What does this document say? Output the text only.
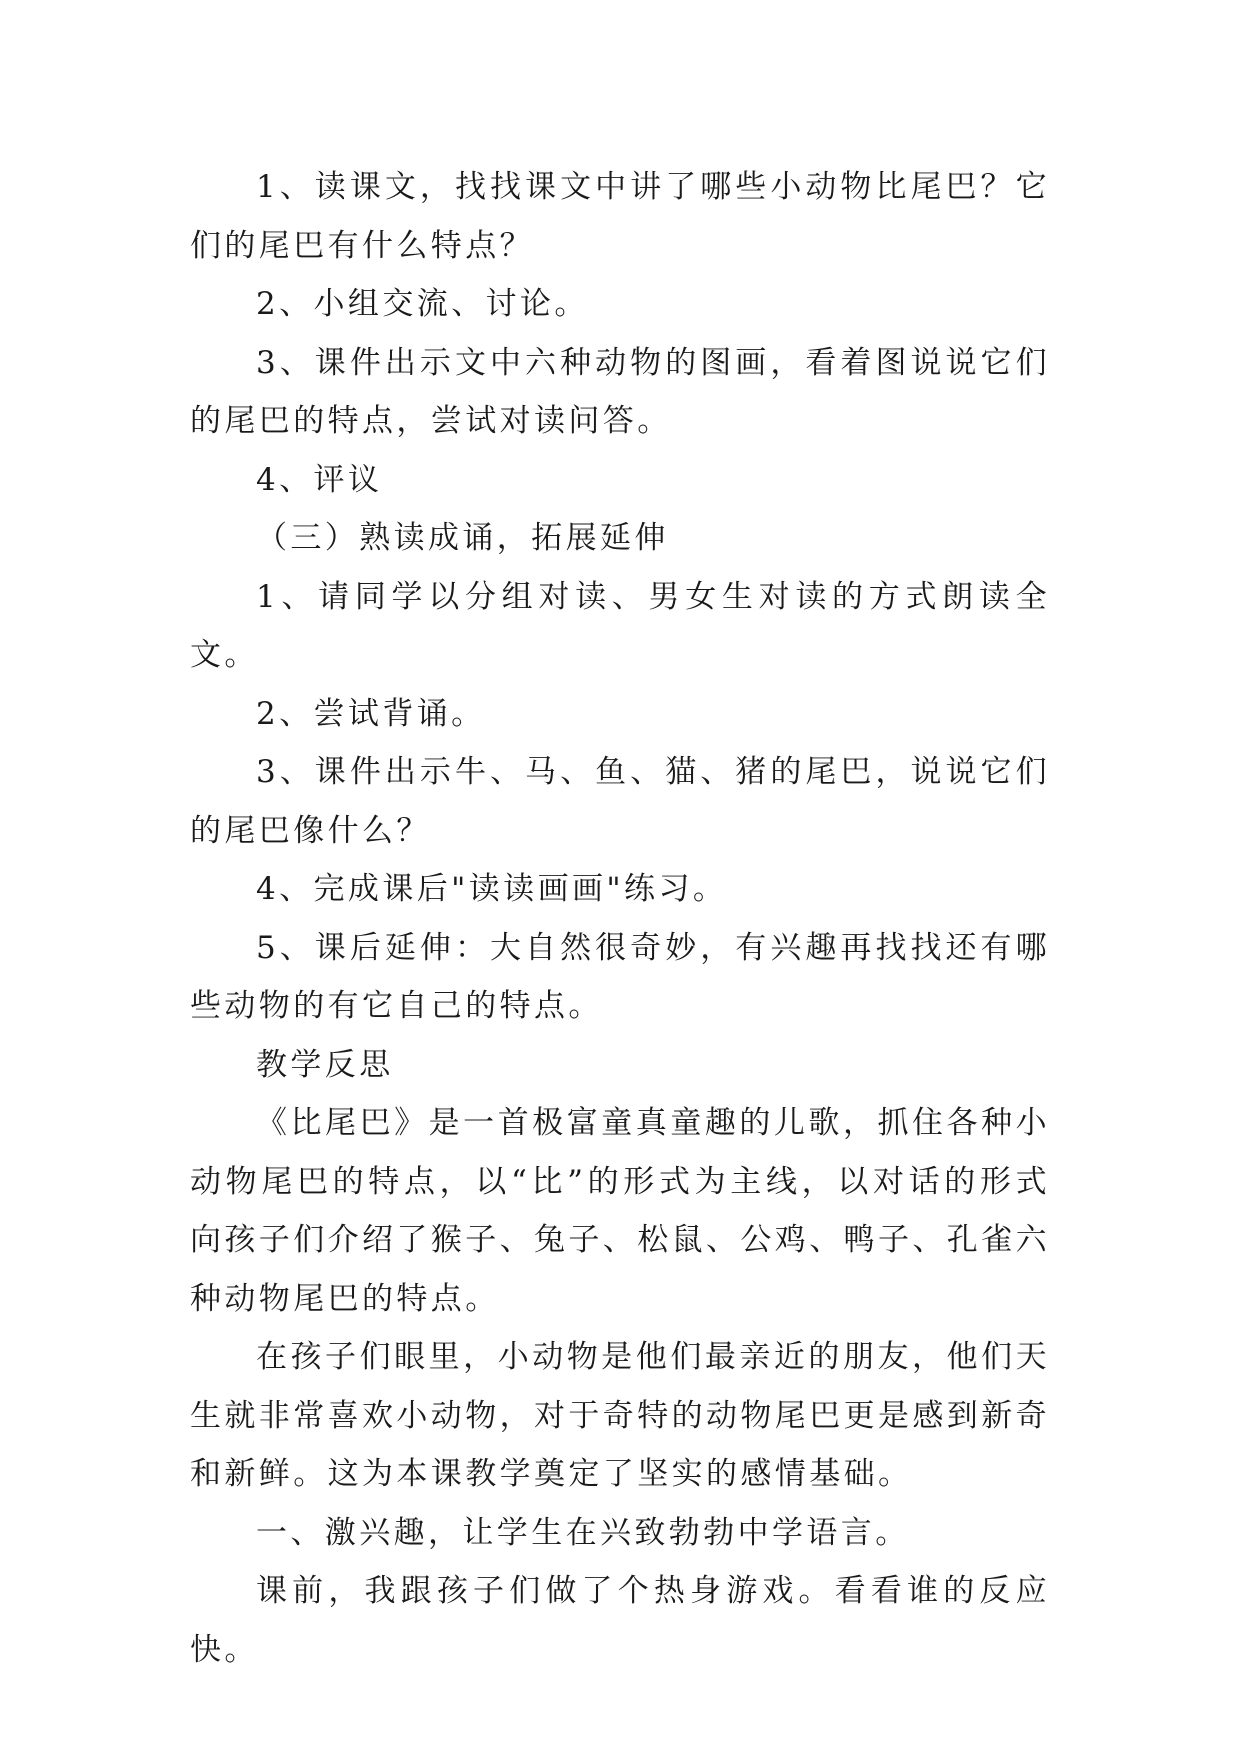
1、读课文，找找课文中讲了哪些小动物比尾巴？它们的尾巴有什么特点？

2、小组交流、讨论。

3、课件出示文中六种动物的图画，看着图说说它们的尾巴的特点，尝试对读问答。

4、评议

（三）熟读成诵，拓展延伸

1、请同学以分组对读、男女生对读的方式朗读全文。

2、尝试背诵。

3、课件出示牛、马、鱼、猫、猪的尾巴，说说它们的尾巴像什么？

4、完成课后"读读画画"练习。

5、课后延伸：大自然很奇妙，有兴趣再找找还有哪些动物的有它自己的特点。

教学反思

《比尾巴》是一首极富童真童趣的儿歌，抓住各种小动物尾巴的特点，以“比”的形式为主线，以对话的形式向孩子们介绍了猴子、兔子、松鼠、公鸡、鸭子、孔雀六种动物尾巴的特点。

在孩子们眼里，小动物是他们最亲近的朋友，他们天生就非常喜欢小动物，对于奇特的动物尾巴更是感到新奇和新鲜。这为本课教学奠定了坚实的感情基础。

一、激兴趣，让学生在兴致勃勃中学语言。

课前，我跟孩子们做了个热身游戏。看看谁的反应快。
